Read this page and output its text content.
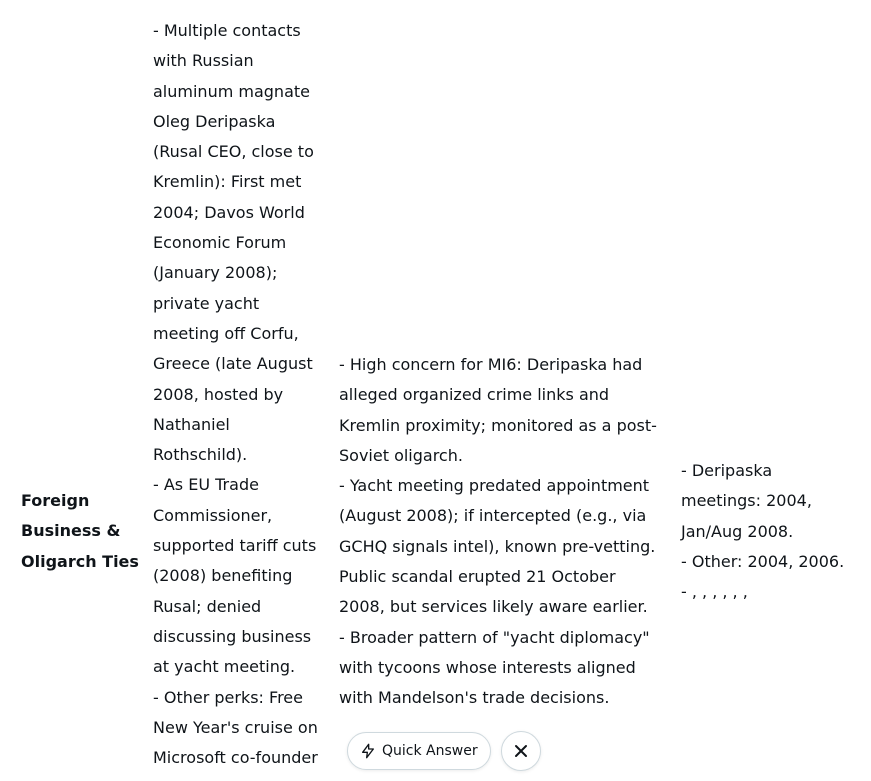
Foreign
Business &
Oligarch Ties
- Multiple contacts
with Russian
aluminum magnate
Oleg Deripaska
(Rusal CEO, close to
Kremlin): First met
2004; Davos World
Economic Forum
(January 2008);
private yacht
meeting off Corfu,
Greece (late August
2008, hosted by
Nathaniel
Rothschild).
- As EU Trade
Commissioner,
supported tariff cuts
(2008) benefiting
Rusal; denied
discussing business
at yacht meeting.
- Other perks: Free
New Year's cruise on
Microsoft co-founder
- High concern for MI6: Deripaska had
alleged organized crime links and
Kremlin proximity; monitored as a post-
Soviet oligarch.
- Yacht meeting predated appointment
(August 2008); if intercepted (e.g., via
GCHQ signals intel), known pre-vetting.
Public scandal erupted 21 October
2008, but services likely aware earlier.
- Broader pattern of "yacht diplomacy"
with tycoons whose interests aligned
with Mandelson's trade decisions.
- Deripaska
meetings: 2004,
Jan/Aug 2008.
- Other: 2004, 2006.
- , , , , , ,
Quick Answer
